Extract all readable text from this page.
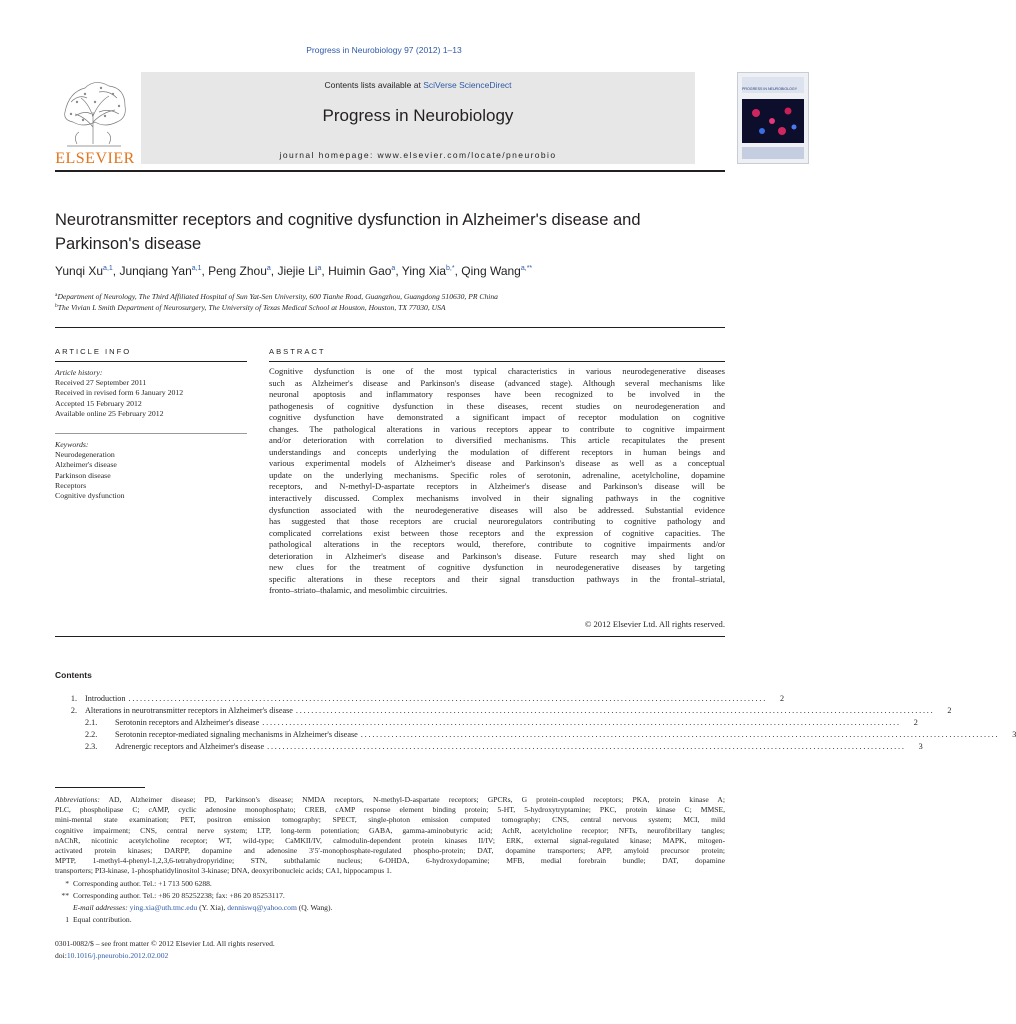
Progress in Neurobiology 97 (2012) 1–13
ELSEVIER
Contents lists available at SciVerse ScienceDirect
Progress in Neurobiology
journal homepage: www.elsevier.com/locate/pneurobio
PROGRESS IN NEUROBIOLOGY
Neurotransmitter receptors and cognitive dysfunction in Alzheimer's disease and
Parkinson's disease
Yunqi Xu$^{a,1}$, Junqiang Yan$^{a,1}$, Peng Zhou$^a$, Jiejie Li$^a$, Huimin Gao$^a$, Ying Xia$^{b,*}$, Qing Wang$^{a,**}$
$^a$Department of Neurology, The Third Affiliated Hospital of Sun Yat-Sen University, 600 Tianhe Road, Guangzhou, Guangdong 510630, PR China
$^b$The Vivian L Smith Department of Neurosurgery, The University of Texas Medical School at Houston, Houston, TX 77030, USA
ARTICLE INFO	ABSTRACT
Article history:
Received 27 September 2011
Received in revised form 6 January 2012
Accepted 15 February 2012
Available online 25 February 2012
Keywords:
Neurodegeneration
Alzheimer's disease
Parkinson disease
Receptors
Cognitive dysfunction
Cognitive dysfunction is one of the most typical characteristics in various neurodegenerative diseases
such as Alzheimer's disease and Parkinson's disease (advanced stage). Although several mechanisms like
neuronal apoptosis and inflammatory responses have been recognized to be involved in the
pathogenesis of cognitive dysfunction in these diseases, recent studies on neurodegeneration and
cognitive dysfunction have demonstrated a significant impact of receptor modulation on cognitive
changes. The pathological alterations in various receptors appear to contribute to cognitive impairment
and/or deterioration with correlation to diversified mechanisms. This article recapitulates the present
understandings and concepts underlying the modulation of different receptors in human beings and
various experimental models of Alzheimer's disease and Parkinson's disease as well as a conceptual
update on the underlying mechanisms. Specific roles of serotonin, adrenaline, acetylcholine, dopamine
receptors, and N-methyl-D-aspartate receptors in Alzheimer's disease and Parkinson's disease will be
interactively discussed. Complex mechanisms involved in their signaling pathways in the cognitive
dysfunction associated with the neurodegenerative diseases will also be addressed. Substantial evidence
has suggested that those receptors are crucial neuroregulators contributing to cognitive pathology and
complicated correlations exist between those receptors and the expression of cognitive capacities. The
pathological alterations in the receptors would, therefore, contribute to cognitive impairments and/or
deterioration in Alzheimer's disease and Parkinson's disease. Future research may shed light on
new clues for the treatment of cognitive dysfunction in neurodegenerative diseases by targeting
specific alterations in these receptors and their signal transduction pathways in the frontal–striatal,
fronto–striato–thalamic, and mesolimbic circuitries.
© 2012 Elsevier Ltd. All rights reserved.
Contents
1. Introduction ......................................................................................................................................................................	2
2. Alterations in neurotransmitter receptors in Alzheimer's disease ......................................................................................................................................................................	2
2.1.	Serotonin receptors and Alzheimer's disease ......................................................................................................................................................................	2
2.2.	Serotonin receptor-mediated signaling mechanisms in Alzheimer's disease ......................................................................................................................................................................	3
2.3.	Adrenergic receptors and Alzheimer's disease ......................................................................................................................................................................	3
Abbreviations: AD, Alzheimer disease; PD, Parkinson's disease; NMDA receptors, N-methyl-D-aspartate receptors; GPCRs, G protein-coupled receptors; PKA, protein kinase A;
PLC, phospholipase C; cAMP, cyclic adenosine monophosphato; CREB, cAMP response element binding protein; 5-HT, 5-hydroxytryptamine; PKC, protein kinase C; MMSE,
mini-mental state examination; PET, positron emission tomography; SPECT, single-photon emission computed tomography; CNS, central nervous system; MCI, mild
cognitive impairment; CNS, central nerve system; LTP, long-term potentiation; GABA, gamma-aminobutyric acid; AchR, acetylcholine receptor; NFTs, neurofibrillary tangles;
nAChR, nicotinic acetylcholine receptor; WT, wild-type; CaMKII/IV, calmodulin-dependent protein kinases II/IV; ERK, external signal-regulated kinase; MAPK, mitogen-
activated protein kinases; DARPP, dopamine and adenosine 3′5′-monophosphate-regulated phospho-protein; DAT, dopamine transporters; APP, amyloid precursor protein;
MPTP, 1-methyl-4-phenyl-1,2,3,6-tetrahydropyridine; STN, subthalamic nucleus; 6-OHDA, 6-hydroxydopamine; MFB, medial forebrain bundle; DAT, dopamine
transporters; PI3-kinase, 1-phosphatidylinositol 3-kinase; DNA, deoxyribonucleic acids; CA1, hippocampus 1.
* Corresponding author. Tel.: +1 713 500 6288.
** Corresponding author. Tel.: +86 20 85252238; fax: +86 20 85253117.
E-mail addresses: ying.xia@uth.tmc.edu (Y. Xia), denniswq@yahoo.com (Q. Wang).
1 Equal contribution.
0301-0082/$ – see front matter © 2012 Elsevier Ltd. All rights reserved.
doi:10.1016/j.pneurobio.2012.02.002
